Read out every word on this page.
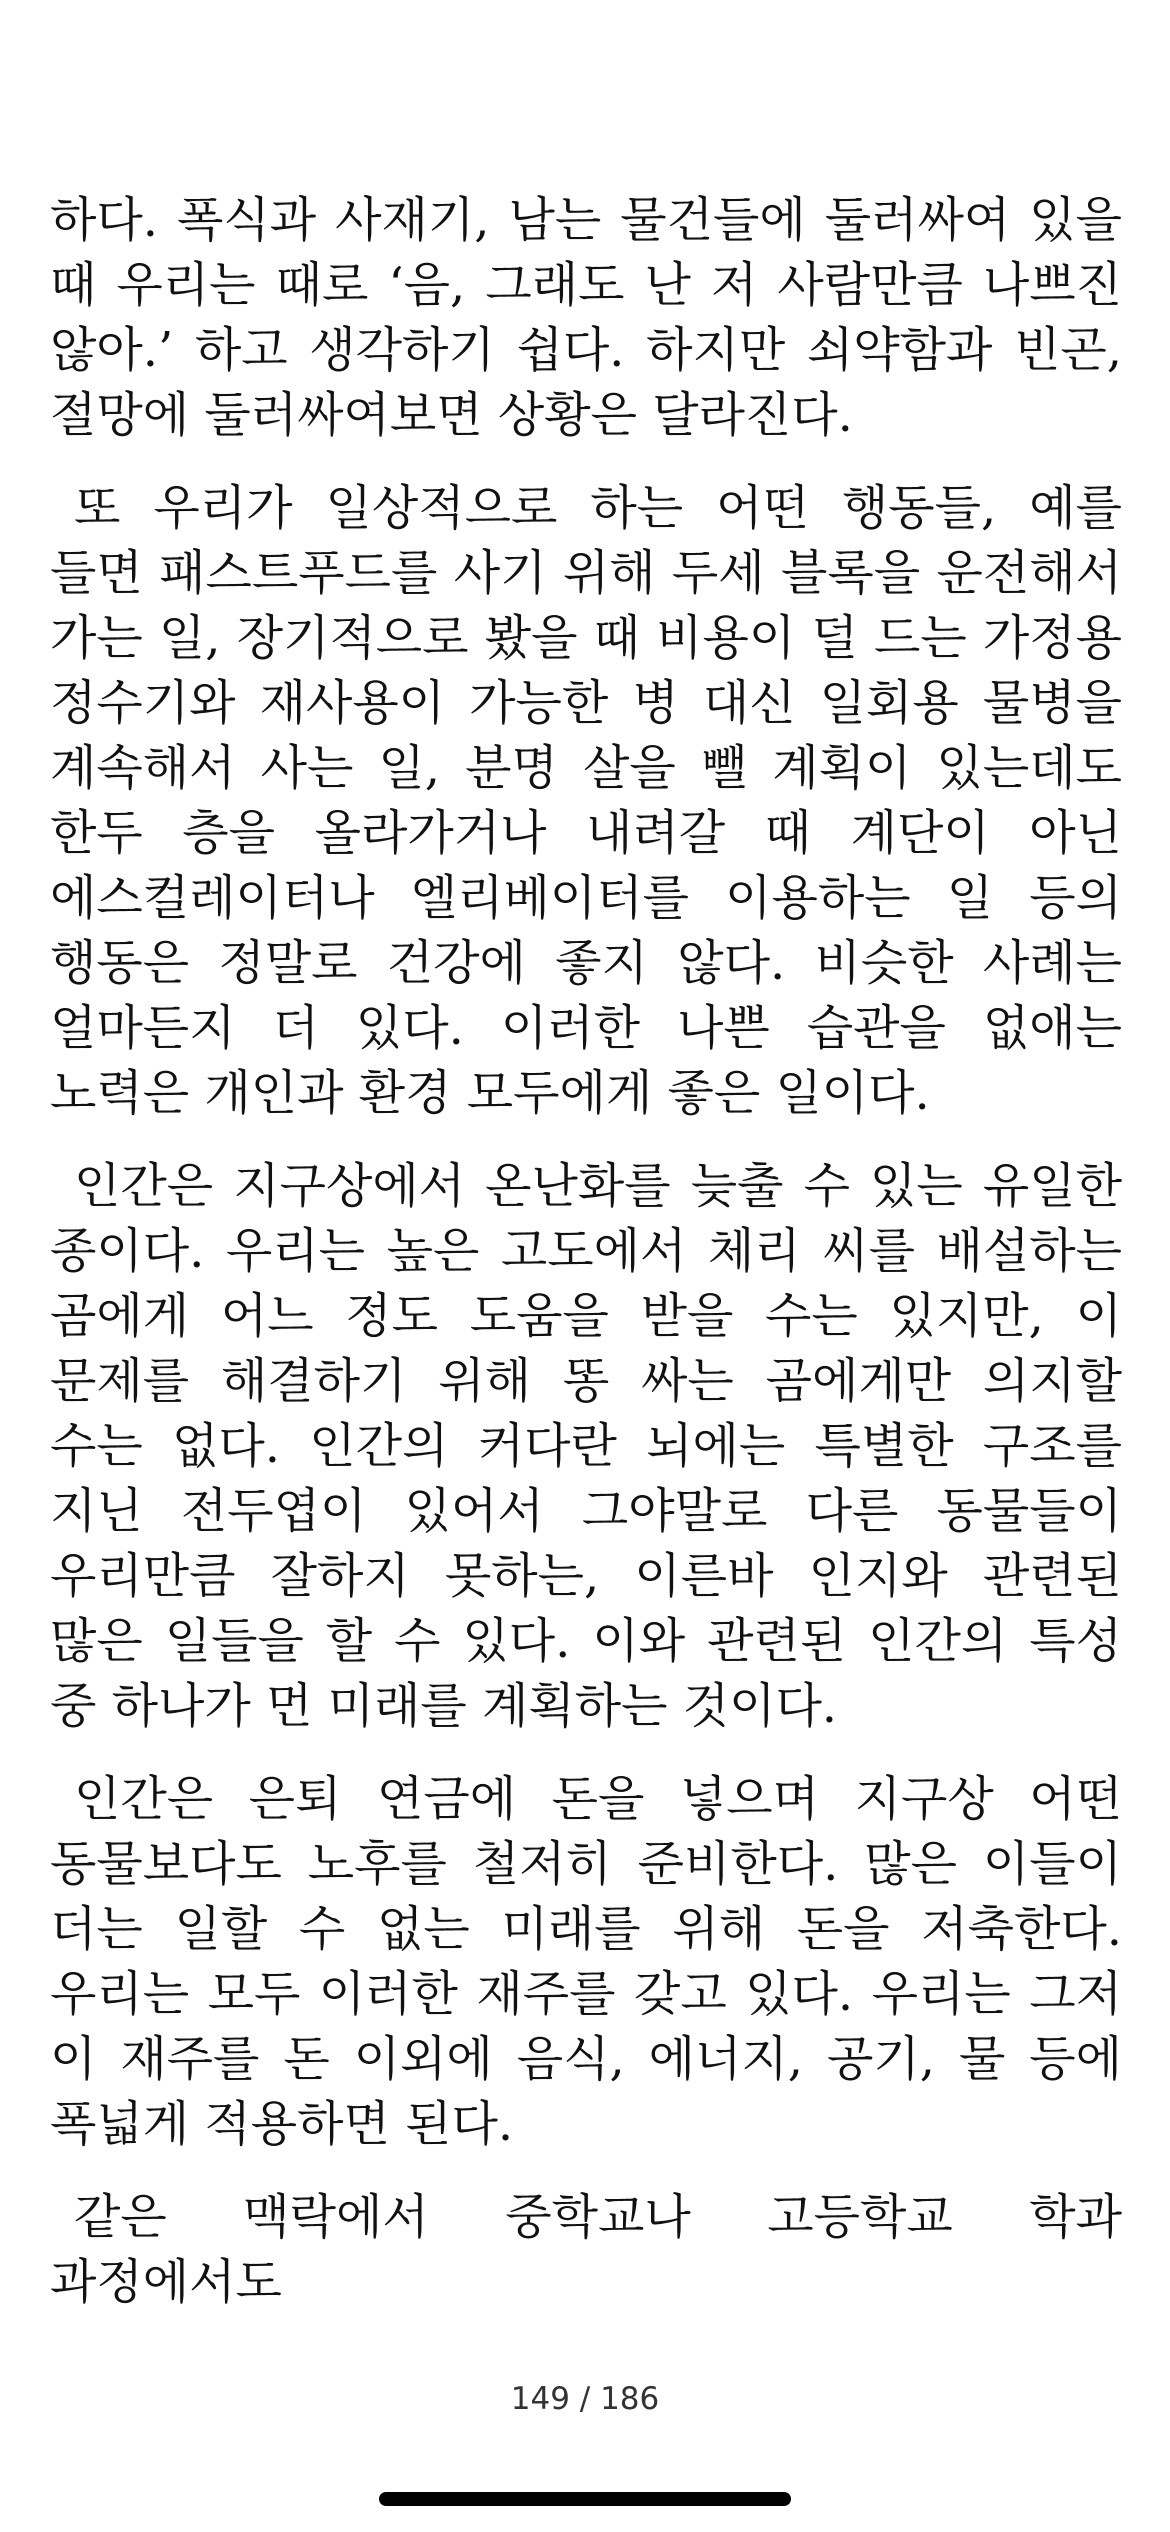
하다. 폭식과 사재기, 남는 물건들에 둘러싸여 있을 때 우리는 때로 ‘음, 그래도 난 저 사람만큼 나쁘진 않아.’ 하고 생각하기 쉽다. 하지만 쇠약함과 빈곤, 절망에 둘러싸여보면 상황은 달라진다.

또 우리가 일상적으로 하는 어떤 행동들, 예를 들면 패스트푸드를 사기 위해 두세 블록을 운전해서 가는 일, 장기적으로 봤을 때 비용이 덜 드는 가정용 정수기와 재사용이 가능한 병 대신 일회용 물병을 계속해서 사는 일, 분명 살을 뺄 계획이 있는데도 한두 층을 올라가거나 내려갈 때 계단이 아닌 에스컬레이터나 엘리베이터를 이용하는 일 등의 행동은 정말로 건강에 좋지 않다. 비슷한 사례는 얼마든지 더 있다. 이러한 나쁜 습관을 없애는 노력은 개인과 환경 모두에게 좋은 일이다.

인간은 지구상에서 온난화를 늦출 수 있는 유일한 종이다. 우리는 높은 고도에서 체리 씨를 배설하는 곰에게 어느 정도 도움을 받을 수는 있지만, 이 문제를 해결하기 위해 똥 싸는 곰에게만 의지할 수는 없다. 인간의 커다란 뇌에는 특별한 구조를 지닌 전두엽이 있어서 그야말로 다른 동물들이 우리만큼 잘하지 못하는, 이른바 인지와 관련된 많은 일들을 할 수 있다. 이와 관련된 인간의 특성 중 하나가 먼 미래를 계획하는 것이다.

인간은 은퇴 연금에 돈을 넣으며 지구상 어떤 동물보다도 노후를 철저히 준비한다. 많은 이들이 더는 일할 수 없는 미래를 위해 돈을 저축한다. 우리는 모두 이러한 재주를 갖고 있다. 우리는 그저 이 재주를 돈 이외에 음식, 에너지, 공기, 물 등에 폭넓게 적용하면 된다.

같은 맥락에서 중학교나 고등학교 학과 과정에서도

149 / 186
